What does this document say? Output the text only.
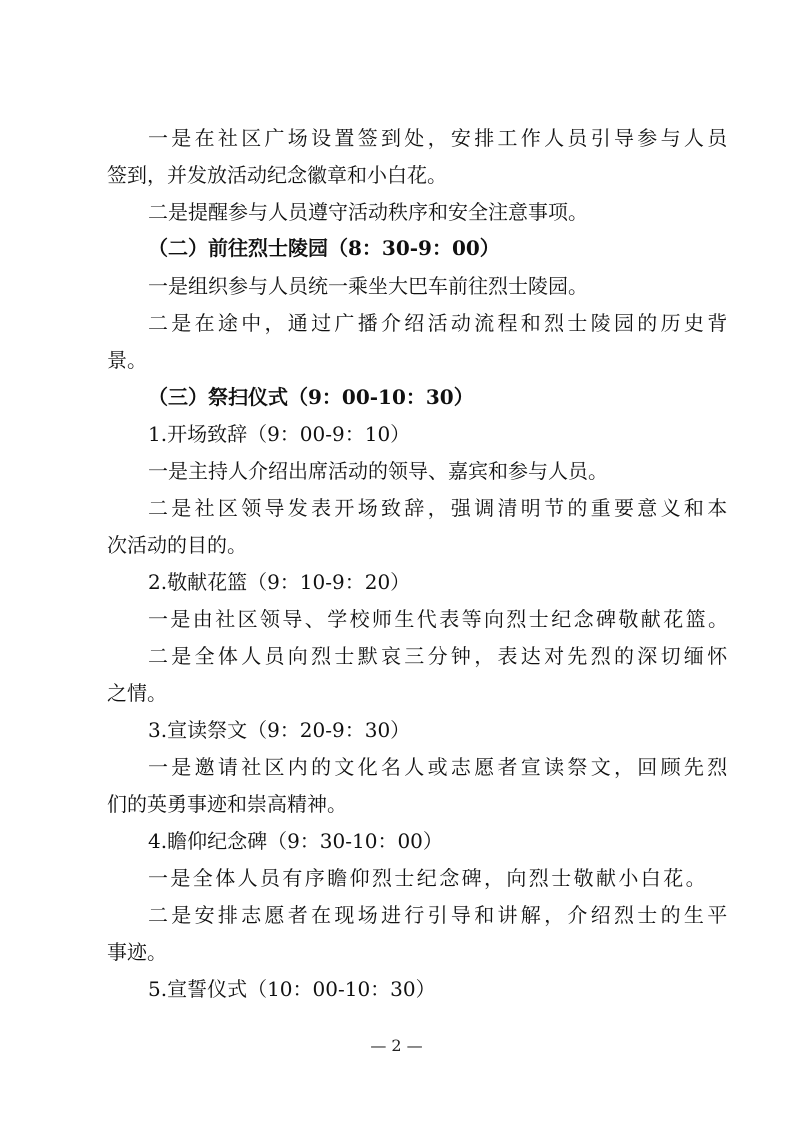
一是在社区广场设置签到处，安排工作人员引导参与人员
签到，并发放活动纪念徽章和小白花。
二是提醒参与人员遵守活动秩序和安全注意事项。
（二）前往烈士陵园（8：30-9：00）
一是组织参与人员统一乘坐大巴车前往烈士陵园。
二是在途中，通过广播介绍活动流程和烈士陵园的历史背
景。
（三）祭扫仪式（9：00-10：30）
1.开场致辞（9：00-9：10）
一是主持人介绍出席活动的领导、嘉宾和参与人员。
二是社区领导发表开场致辞，强调清明节的重要意义和本
次活动的目的。
2.敬献花篮（9：10-9：20）
一是由社区领导、学校师生代表等向烈士纪念碑敬献花篮。
二是全体人员向烈士默哀三分钟，表达对先烈的深切缅怀
之情。
3.宣读祭文（9：20-9：30）
一是邀请社区内的文化名人或志愿者宣读祭文，回顾先烈
们的英勇事迹和崇高精神。
4.瞻仰纪念碑（9：30-10：00）
一是全体人员有序瞻仰烈士纪念碑，向烈士敬献小白花。
二是安排志愿者在现场进行引导和讲解，介绍烈士的生平
事迹。
5.宣誓仪式（10：00-10：30）
— 2 —
